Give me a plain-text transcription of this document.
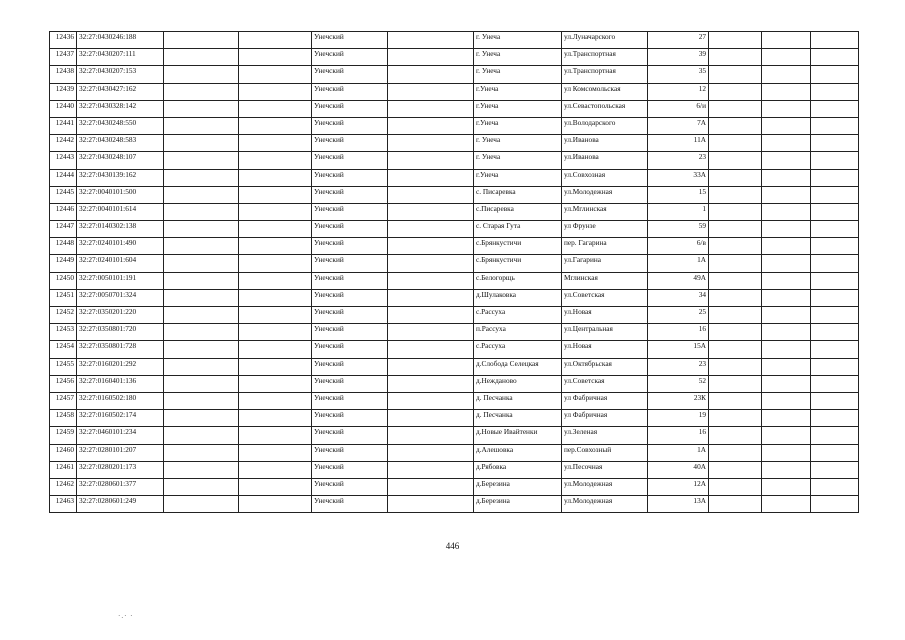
12436	32:27:0430246:188			Унечский		г. Унеча	ул.Луначарского	27			
12437	32:27:0430207:111			Унечский		г. Унеча	ул.Транспортная	39			
12438	32:27:0430207:153			Унечский		г. Унеча	ул.Транспортная	35			
12439	32:27:0430427:162			Унечский		г.Унеча	ул Комсомольская	12			
12440	32:27:0430328:142			Унечский		г.Унеча	ул.Севастопольская	6/и			
12441	32:27:0430248:550			Унечский		г.Унеча	ул.Володарского	7А			
12442	32:27:0430248:583			Унечский		г. Унеча	ул.Иванова	11А			
12443	32:27:0430248:107			Унечский		г. Унеча	ул.Иванова	23			
12444	32:27:0430139:162			Унечский		г.Унеча	ул.Совхозная	33А			
12445	32:27:0040101:500			Унечский		с. Писаревка	ул.Молодежная	15			
12446	32:27:0040101:614			Унечский		с.Писаревка	ул.Мглинская	1			
12447	32:27:0140302:138			Унечский		с. Старая Гута	ул Фрунзе	59			
12448	32:27:0240101:490			Унечский		с.Брянкустичи	пер. Гагарина	6/в			
12449	32:27:0240101:604			Унечский		с.Брянкустичи	ул.Гагарина	1А			
12450	32:27:0050101:191			Унечский		с.Белогорщь	Мглинская	49А			
12451	32:27:0050701:324			Унечский		д.Шулаковка	ул.Советская	34			
12452	32:27:0350201:220			Унечский		с.Рассуха	ул.Новая	25			
12453	32:27:0350801:720			Унечский		п.Рассуха	ул.Центральная	16			
12454	32:27:0350801:728			Унечский		с.Рассуха	ул.Новая	15А			
12455	32:27:0160201:292			Унечский		д.Слобода Селецкая	ул.Октябрьская	23			
12456	32:27:0160401:136			Унечский		д.Нежданово	ул.Советская	52			
12457	32:27:0160502:180			Унечский		д. Песчанка	ул Фабричная	23К			
12458	32:27:0160502:174			Унечский		д. Песчанка	ул Фабричная	19			
12459	32:27:0460101:234			Унечский		д.Новые Ивайтенки	ул.Зеленая	16			
12460	32:27:0280101:207			Унечский		д.Алешовка	пер.Совхозный	1А			
12461	32:27:0280201:173			Унечский		д.Рябовка	ул.Песочная	40А			
12462	32:27:0280601:377			Унечский		д.Березина	ул.Молодежная	12А			
12463	32:27:0280601:249			Унечский		д.Березина	ул.Молодежная	13А			
446
·.· ·
